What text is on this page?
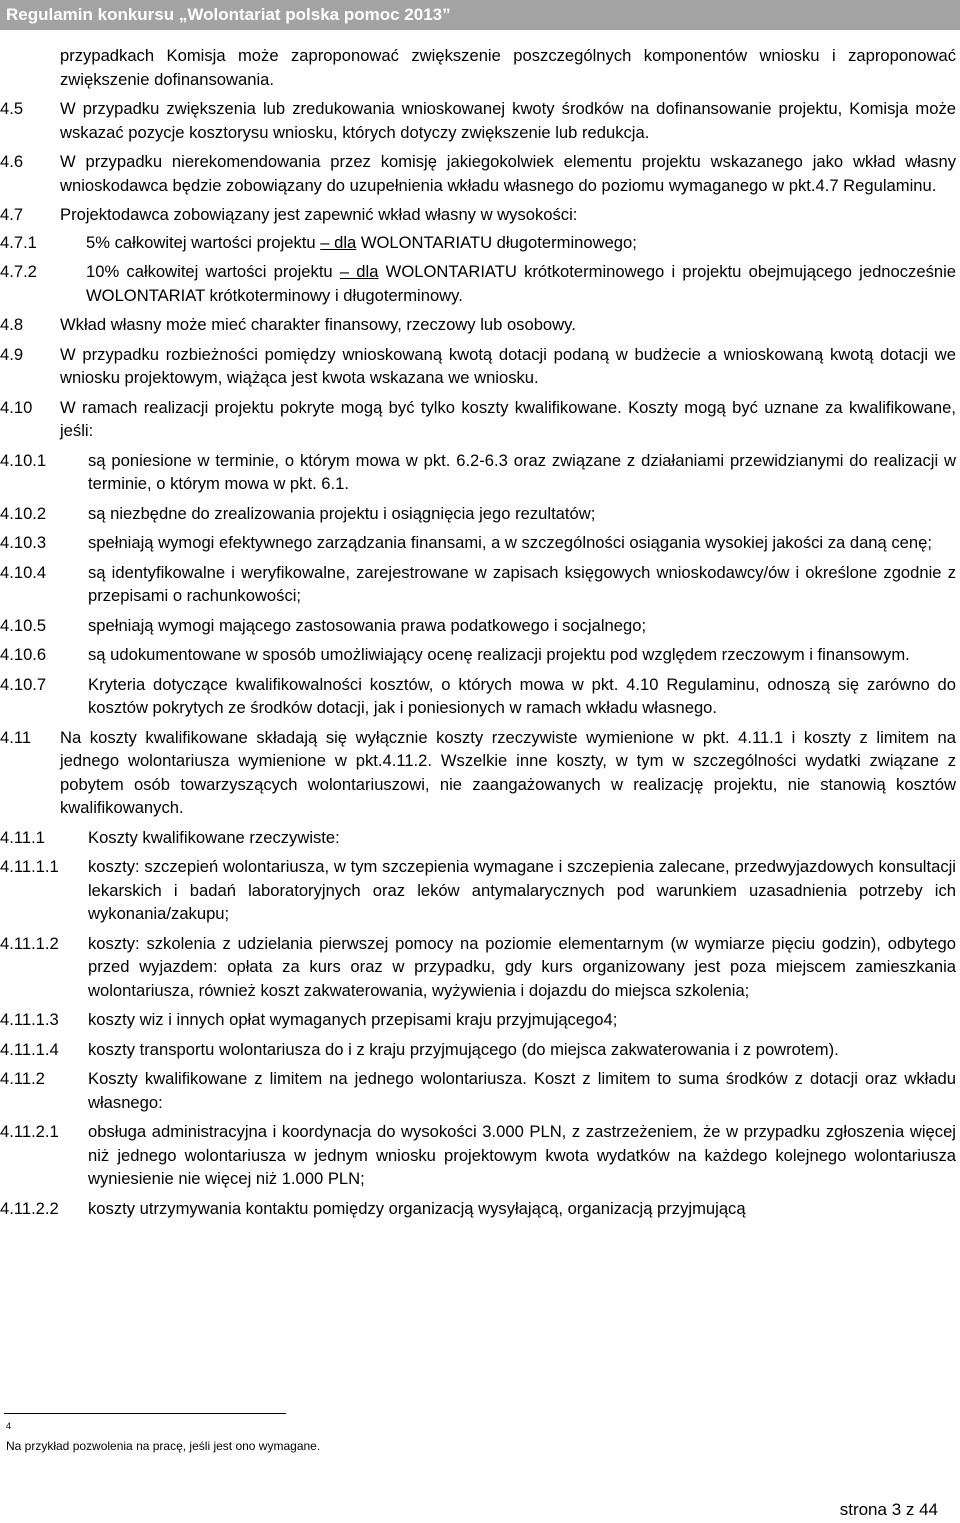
Regulamin konkursu „Wolontariat polska pomoc 2013”
przypadkach Komisja może zaproponować zwiększenie poszczególnych komponentów wniosku i zaproponować zwiększenie dofinansowania.
4.5	W przypadku zwiększenia lub zredukowania wnioskowanej kwoty środków na dofinansowanie projektu, Komisja może wskazać pozycje kosztorysu wniosku, których dotyczy zwiększenie lub redukcja.
4.6	W przypadku nierekomendowania przez komisję jakiegokolwiek elementu projektu wskazanego jako wkład własny wnioskodawca będzie zobowiązany do uzupełnienia wkładu własnego do poziomu wymaganego w pkt.4.7 Regulaminu.
4.7	Projektodawca zobowiązany jest zapewnić wkład własny w wysokości:
4.7.1	5% całkowitej wartości projektu – dla WOLONTARIATU długoterminowego;
4.7.2	10% całkowitej wartości projektu – dla WOLONTARIATU krótkoterminowego i projektu obejmującego jednocześnie WOLONTARIAT krótkoterminowy i długoterminowy.
4.8	Wkład własny może mieć charakter finansowy, rzeczowy lub osobowy.
4.9	W przypadku rozbieżności pomiędzy wnioskowaną kwotą dotacji podaną w budżecie a wnioskowaną kwotą dotacji we wniosku projektowym, wiążąca jest kwota wskazana we wniosku.
4.10	W ramach realizacji projektu pokryte mogą być tylko koszty kwalifikowane. Koszty mogą być uznane za kwalifikowane, jeśli:
4.10.1	są poniesione w terminie, o którym mowa w pkt. 6.2-6.3 oraz związane z działaniami przewidzianymi do realizacji w terminie, o którym mowa w pkt. 6.1.
4.10.2	są niezbędne do zrealizowania projektu i osiągnięcia jego rezultatów;
4.10.3	spełniają wymogi efektywnego zarządzania finansami, a w szczególności osiągania wysokiej jakości za daną cenę;
4.10.4	są identyfikowalne i weryfikowalne, zarejestrowane w zapisach księgowych wnioskodawcy/ów i określone zgodnie z przepisami o rachunkowości;
4.10.5	spełniają wymogi mającego zastosowania prawa podatkowego i socjalnego;
4.10.6	są udokumentowane w sposób umożliwiający ocenę realizacji projektu pod względem rzeczowym i finansowym.
4.10.7	Kryteria dotyczące kwalifikowalności kosztów, o których mowa w pkt. 4.10 Regulaminu, odnoszą się zarówno do kosztów pokrytych ze środków dotacji, jak i poniesionych w ramach wkładu własnego.
4.11	Na koszty kwalifikowane składają się wyłącznie koszty rzeczywiste wymienione w pkt. 4.11.1 i koszty z limitem na jednego wolontariusza wymienione w pkt.4.11.2. Wszelkie inne koszty, w tym w szczególności wydatki związane z pobytem osób towarzyszących wolontariuszowi, nie zaangażowanych w realizację projektu, nie stanowią kosztów kwalifikowanych.
4.11.1	Koszty kwalifikowane rzeczywiste:
4.11.1.1	koszty: szczepień wolontariusza, w tym szczepienia wymagane i szczepienia zalecane, przedwyjazdowych konsultacji lekarskich i badań laboratoryjnych oraz leków antymalarycznych pod warunkiem uzasadnienia potrzeby ich wykonania/zakupu;
4.11.1.2	koszty: szkolenia z udzielania pierwszej pomocy na poziomie elementarnym (w wymiarze pięciu godzin), odbytego przed wyjazdem: opłata za kurs oraz w przypadku, gdy kurs organizowany jest poza miejscem zamieszkania wolontariusza, również koszt zakwaterowania, wyżywienia i dojazdu do miejsca szkolenia;
4.11.1.3	koszty wiz i innych opłat wymaganych przepisami kraju przyjmującego4;
4.11.1.4	koszty transportu wolontariusza do i z kraju przyjmującego (do miejsca zakwaterowania i z powrotem).
4.11.2	Koszty kwalifikowane z limitem na jednego wolontariusza. Koszt z limitem to suma środków z dotacji oraz wkładu własnego:
4.11.2.1	obsługa administracyjna i koordynacja do wysokości 3.000 PLN, z zastrzeżeniem, że w przypadku zgłoszenia więcej niż jednego wolontariusza w jednym wniosku projektowym kwota wydatków na każdego kolejnego wolontariusza wyniesienie nie więcej niż 1.000 PLN;
4.11.2.2	koszty utrzymywania kontaktu pomiędzy organizacją wysyłającą, organizacją przyjmującą
$^4$
Na przykład pozwolenia na pracę, jeśli jest ono wymagane.
strona 3 z 44
